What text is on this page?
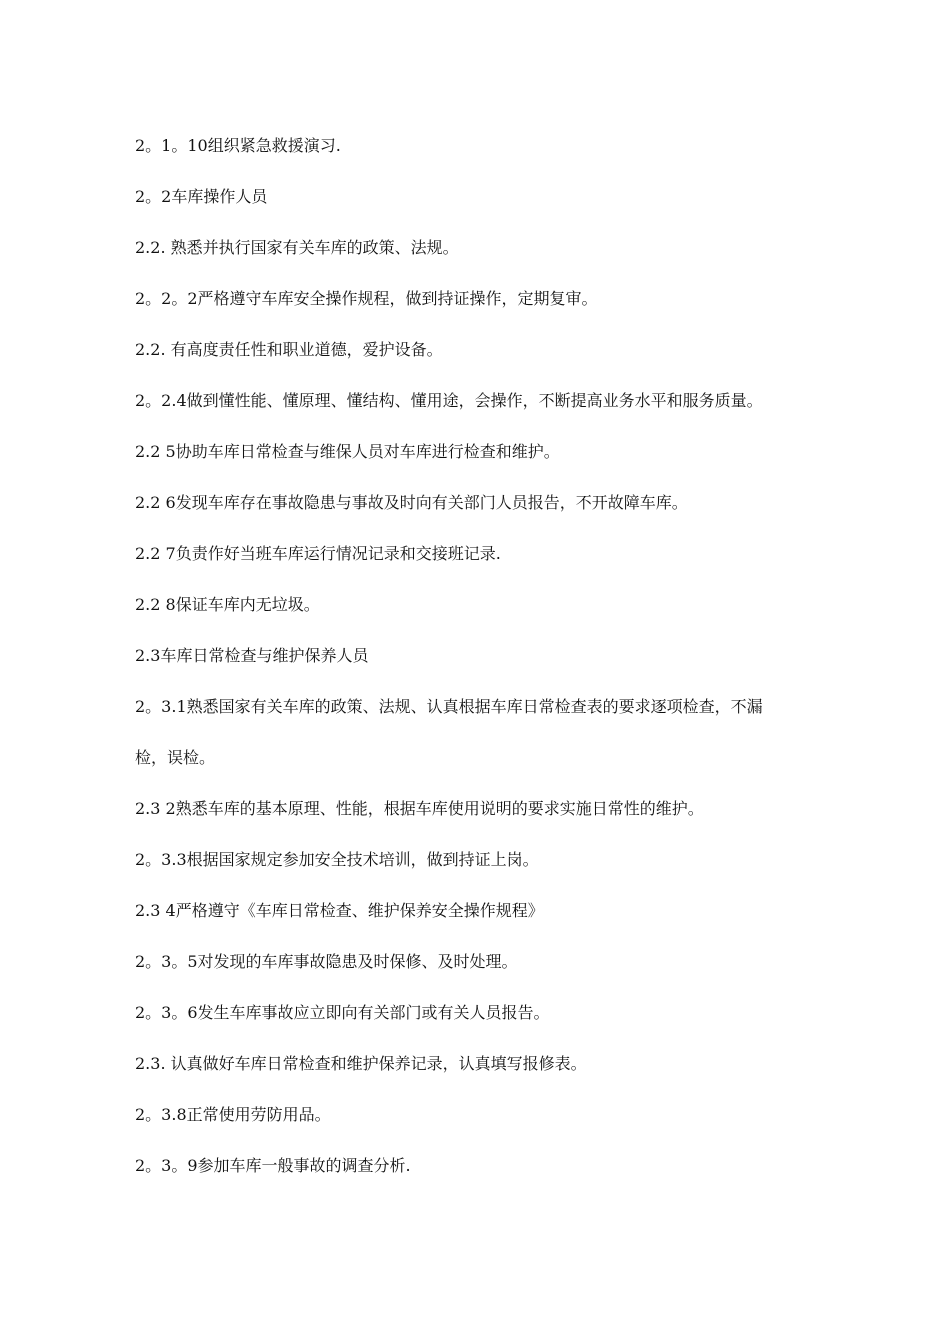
2。1。10组织紧急救援演习.
2。2车库操作人员
2.2. 熟悉并执行国家有关车库的政策、法规。
2。2。2严格遵守车库安全操作规程，做到持证操作，定期复审。
2.2. 有高度责任性和职业道德，爱护设备。
2。2.4做到懂性能、懂原理、懂结构、懂用途，会操作，不断提高业务水平和服务质量。
2.2 5协助车库日常检查与维保人员对车库进行检查和维护。
2.2 6发现车库存在事故隐患与事故及时向有关部门人员报告，不开故障车库。
2.2 7负责作好当班车库运行情况记录和交接班记录.
2.2 8保证车库内无垃圾。
2.3车库日常检查与维护保养人员
2。3.1熟悉国家有关车库的政策、法规、认真根据车库日常检查表的要求逐项检查，不漏
检，误检。
2.3 2熟悉车库的基本原理、性能，根据车库使用说明的要求实施日常性的维护。
2。3.3根据国家规定参加安全技术培训，做到持证上岗。
2.3 4严格遵守《车库日常检查、维护保养安全操作规程》
2。3。5对发现的车库事故隐患及时保修、及时处理。
2。3。6发生车库事故应立即向有关部门或有关人员报告。
2.3. 认真做好车库日常检查和维护保养记录，认真填写报修表。
2。3.8正常使用劳防用品。
2。3。9参加车库一般事故的调查分析.
